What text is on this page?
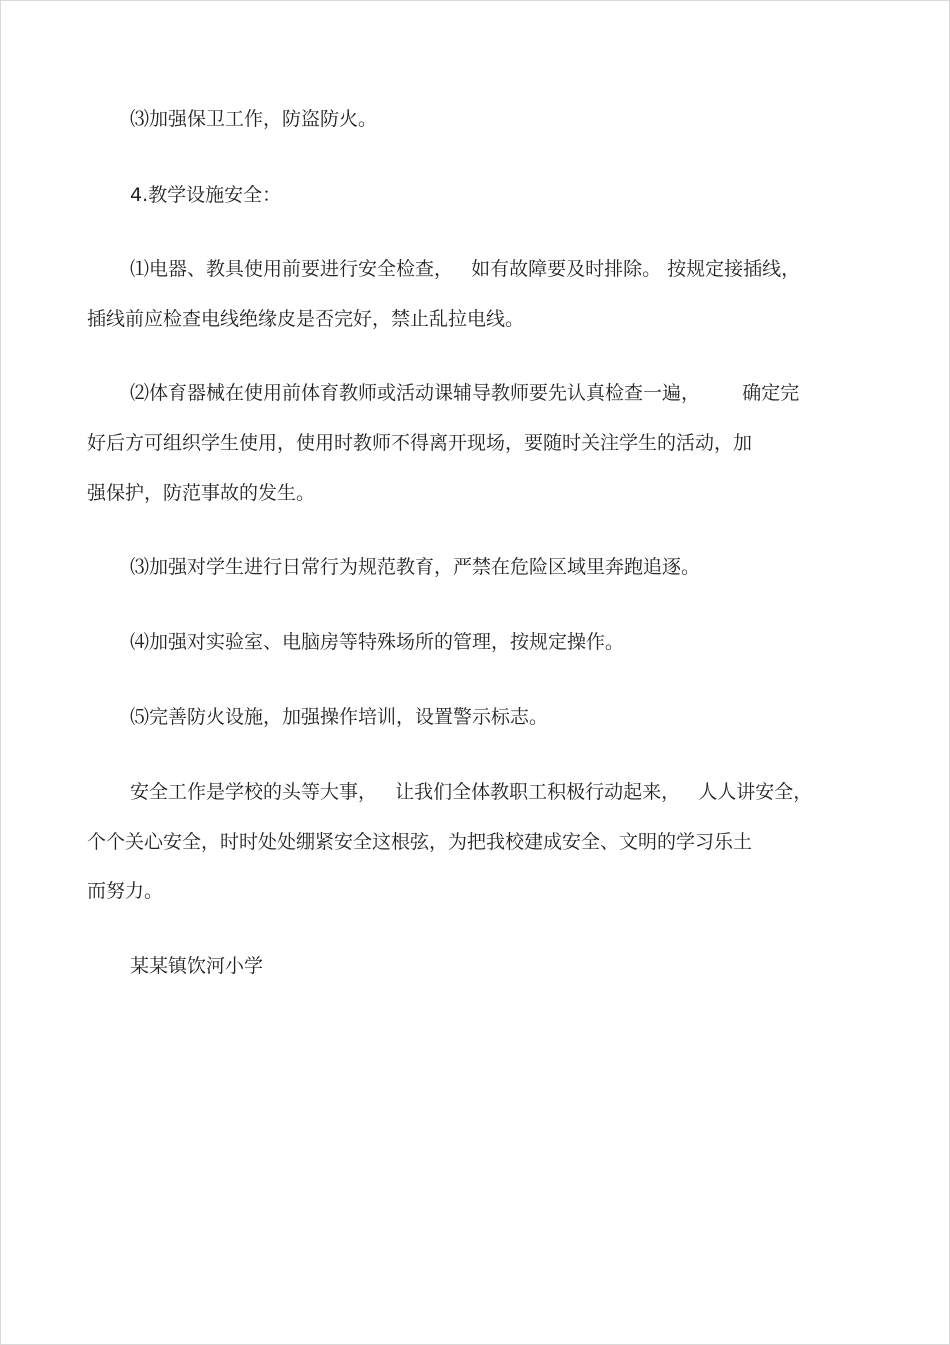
⑶加强保卫工作，防盗防火。
4.教学设施安全：
⑴电器、教具使用前要进行安全检查，   如有故障要及时排除。 按规定接插线，
插线前应检查电线绝缘皮是否完好，禁止乱拉电线。
⑵体育器械在使用前体育教师或活动课辅导教师要先认真检查一遍，       确定完
好后方可组织学生使用，使用时教师不得离开现场，要随时关注学生的活动，加
强保护，防范事故的发生。
⑶加强对学生进行日常行为规范教育，严禁在危险区域里奔跑追逐。
⑷加强对实验室、电脑房等特殊场所的管理，按规定操作。
⑸完善防火设施，加强操作培训，设置警示标志。
安全工作是学校的头等大事，   让我们全体教职工积极行动起来，   人人讲安全，
个个关心安全，时时处处绷紧安全这根弦，为把我校建成安全、文明的学习乐土
而努力。
某某镇饮河小学
